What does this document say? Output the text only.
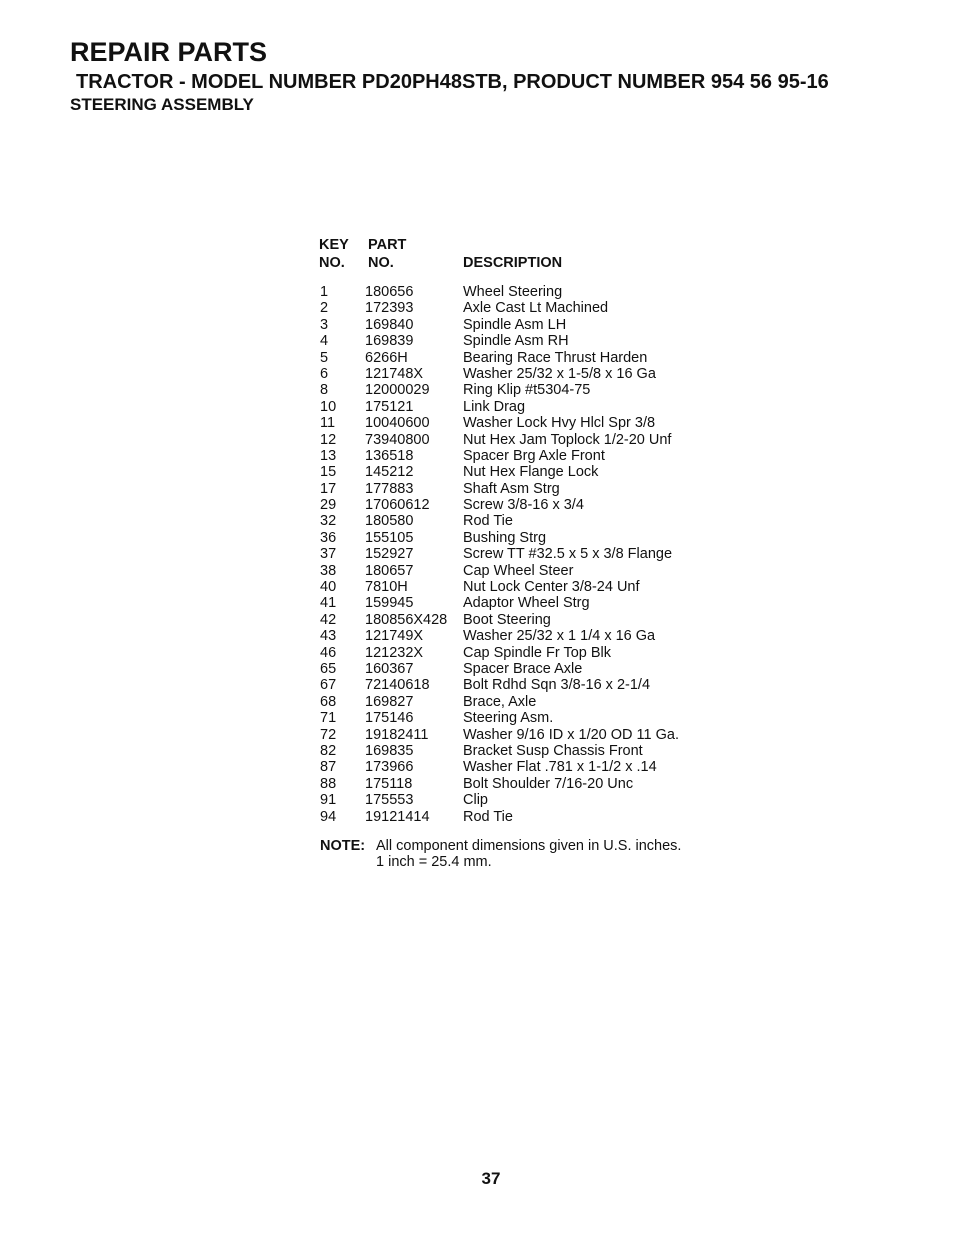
REPAIR PARTS
TRACTOR - MODEL NUMBER PD20PH48STB, PRODUCT NUMBER 954 56 95-16
STEERING ASSEMBLY
KEY
NO.
PART
NO.	DESCRIPTION
1	180656	Wheel Steering
2	172393	Axle Cast Lt Machined
3	169840	Spindle Asm LH
4	169839	Spindle Asm RH
5	6266H	Bearing Race Thrust Harden
6	121748X	Washer 25/32 x 1-5/8 x 16 Ga
8	12000029 Ring Klip #t5304-75
10 175121	Link Drag
11 10040600 Washer Lock Hvy Hlcl Spr 3/8
12 73940800 Nut Hex Jam Toplock 1/2-20 Unf
13 136518	Spacer Brg Axle Front
15 145212	Nut Hex Flange Lock
17 177883	Shaft Asm Strg
29 17060612 Screw 3/8-16 x 3/4
32 180580	Rod Tie
36 155105	Bushing Strg
37 152927	Screw TT #32.5 x 5 x 3/8 Flange
38 180657	Cap Wheel Steer
40 7810H	Nut Lock Center 3/8-24 Unf
41 159945	Adaptor Wheel Strg
42 180856X428 Boot Steering
43 121749X	Washer 25/32 x 1 1/4 x 16 Ga
46 121232X	Cap Spindle Fr Top Blk
65 160367	Spacer Brace Axle
67 72140618 Bolt Rdhd Sqn 3/8-16 x 2-1/4
68 169827	Brace, Axle
71 175146	Steering Asm.
72 19182411 Washer 9/16 ID x 1/20 OD 11 Ga.
82 169835	Bracket Susp Chassis Front
87 173966	Washer Flat .781 x 1-1/2 x .14
88 175118	Bolt Shoulder 7/16-20 Unc
91 175553	Clip
94 19121414 Rod Tie
NOTE: All component dimensions given in U.S. inches.
1 inch = 25.4 mm.
37
